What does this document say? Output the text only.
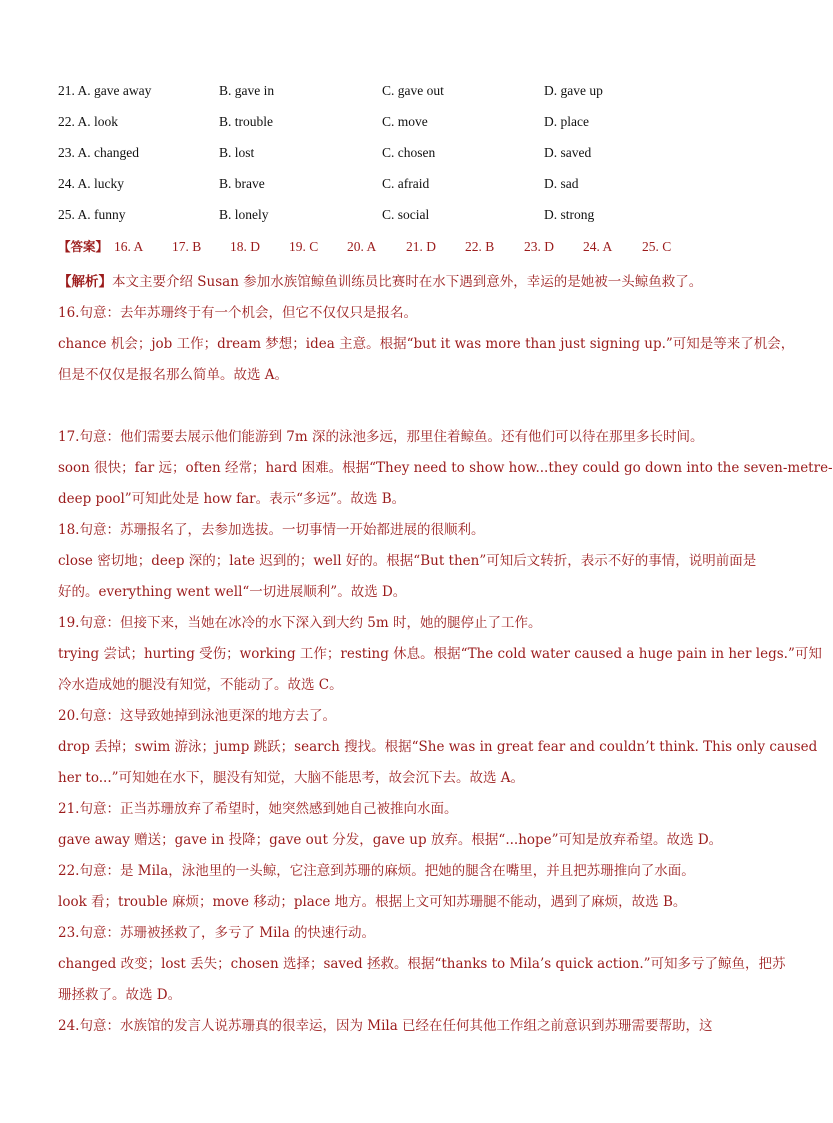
21. A. gave away	B. gave in	C. gave out	D. gave up
22. A. look	B. trouble	C. move	D. place
23. A. changed	B. lost	C. chosen	D. saved
24. A. lucky	B. brave	C. afraid	D. sad
25. A. funny	B. lonely	C. social	D. strong
【答案】 16. A 17. B 18. D 19. C 20. A 21. D 22. B 23. D 24. A 25. C
【解析】本文主要介绍 Susan 参加水族馆鲸鱼训练员比赛时在水下遇到意外，幸运的是她被一头鲸鱼救了。
16.句意：去年苏珊终于有一个机会，但它不仅仅只是报名。
chance 机会；job 工作；dream 梦想；idea 主意。根据“but it was more than just signing up.”可知是等来了机会，
但是不仅仅是报名那么简单。故选 A。

17.句意：他们需要去展示他们能游到 7m 深的泳池多远，那里住着鲸鱼。还有他们可以待在那里多长时间。
soon 很快；far 远；often 经常；hard 困难。根据“They need to show how...they could go down into the seven-metre-
deep pool”可知此处是 how far。表示“多远”。故选 B。
18.句意：苏珊报名了，去参加选拔。一切事情一开始都进展的很顺利。
close 密切地；deep 深的；late 迟到的；well 好的。根据“But then”可知后文转折，表示不好的事情，说明前面是
好的。everything went well“一切进展顺利”。故选 D。
19.句意：但接下来，当她在冰冷的水下深入到大约 5m 时，她的腿停止了工作。
trying 尝试；hurting 受伤；working 工作；resting 休息。根据“The cold water caused a huge pain in her legs.”可知
冷水造成她的腿没有知觉，不能动了。故选 C。
20.句意：这导致她掉到泳池更深的地方去了。
drop 丢掉；swim 游泳；jump 跳跃；search 搜找。根据“She was in great fear and couldn’t think. This only caused
her to...”可知她在水下，腿没有知觉，大脑不能思考，故会沉下去。故选 A。
21.句意：正当苏珊放弃了希望时，她突然感到她自己被推向水面。
gave away 赠送；gave in 投降；gave out 分发，gave up 放弃。根据“...hope”可知是放弃希望。故选 D。
22.句意：是 Mila，泳池里的一头鲸，它注意到苏珊的麻烦。把她的腿含在嘴里，并且把苏珊推向了水面。
look 看；trouble 麻烦；move 移动；place 地方。根据上文可知苏珊腿不能动，遇到了麻烦，故选 B。
23.句意：苏珊被拯救了，多亏了 Mila 的快速行动。
changed 改变；lost 丢失；chosen 选择；saved 拯救。根据“thanks to Mila’s quick action.”可知多亏了鲸鱼，把苏
珊拯救了。故选 D。
24.句意：水族馆的发言人说苏珊真的很幸运，因为 Mila 已经在任何其他工作组之前意识到苏珊需要帮助，这
